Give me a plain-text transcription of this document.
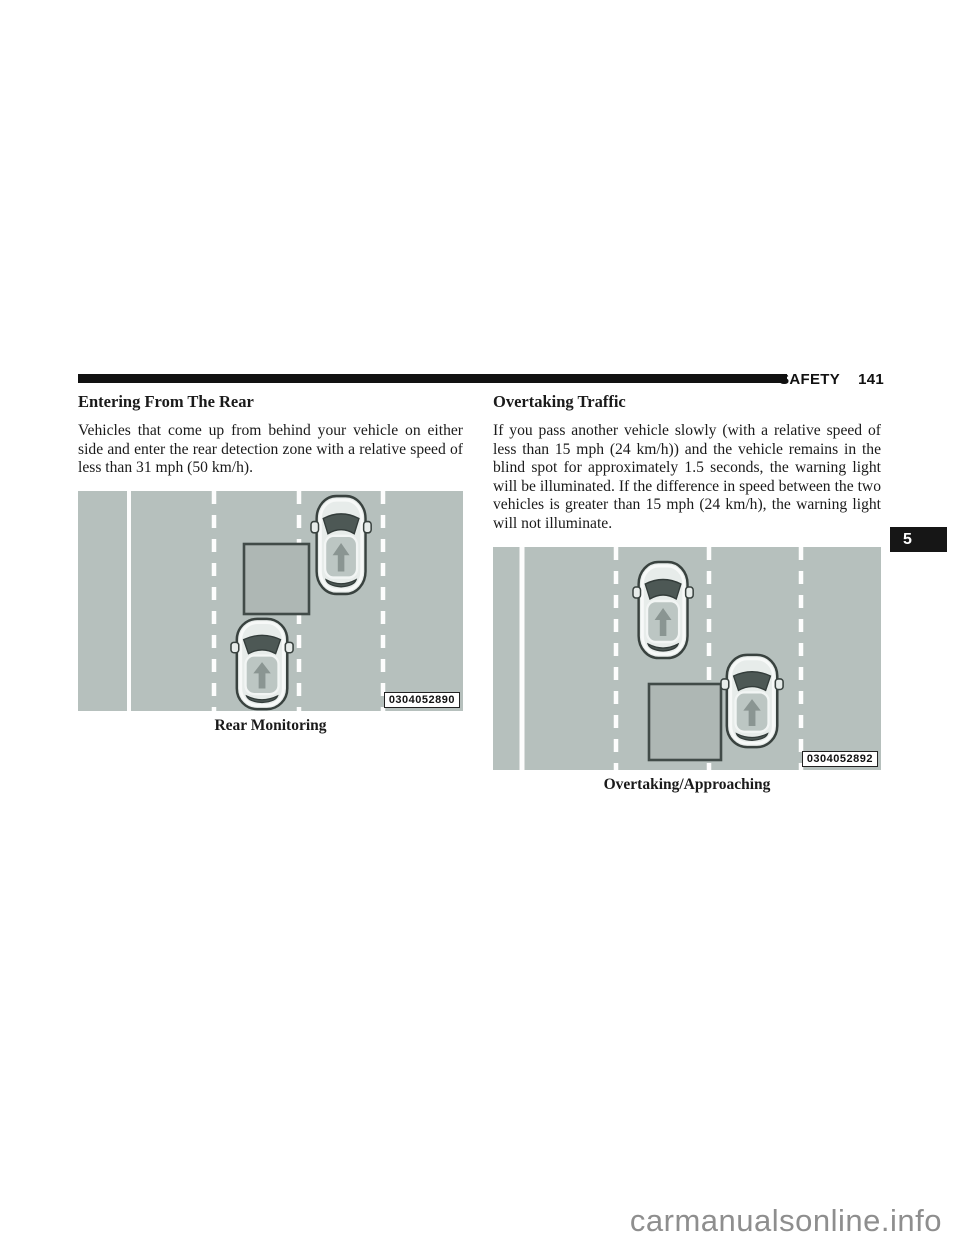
SAFETY 141
Entering From The Rear

Vehicles that come up from behind your vehicle on either side and enter the rear detection zone with a relative speed of less than 31 mph (50 km/h).

0304052890
Rear Monitoring
Overtaking Traffic

If you pass another vehicle slowly (with a relative speed of less than 15 mph (24 km/h)) and the vehicle remains in the blind spot for approximately 1.5 seconds, the warning light will be illuminated. If the difference in speed between the two vehicles is greater than 15 mph (24 km/h), the warning light will not illuminate.

0304052892
Overtaking/Approaching
5
carmanualsonline.info
